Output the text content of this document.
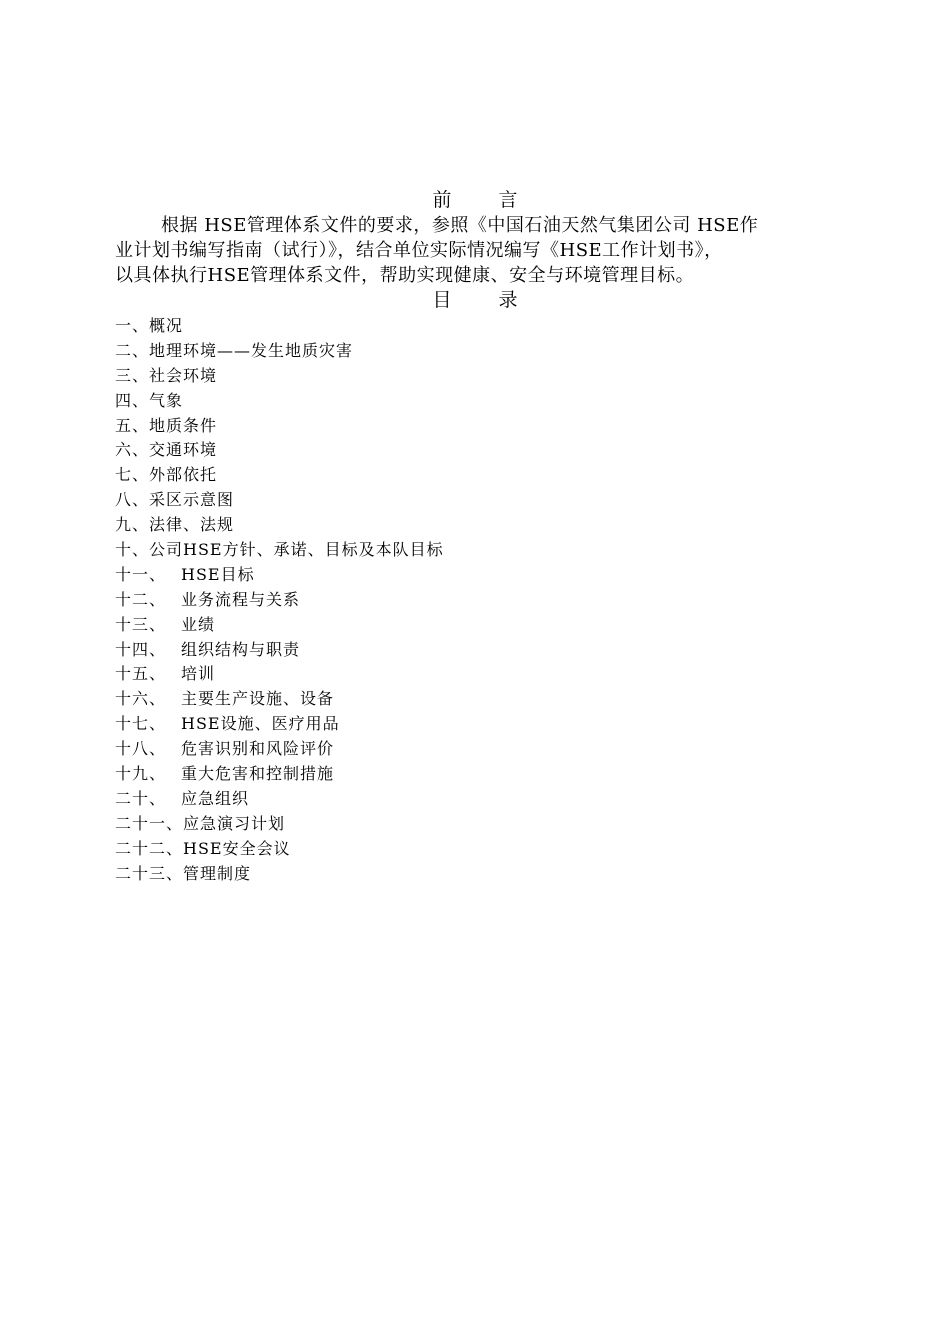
前　言
根据 HSE管理体系文件的要求，参照《中国石油天然气集团公司 HSE作
业计划书编写指南（试行）》，结合单位实际情况编写《HSE工作计划书》，
以具体执行HSE管理体系文件，帮助实现健康、安全与环境管理目标。
目　录
一、概况
二、地理环境——发生地质灾害
三、社会环境
四、气象
五、地质条件
六、交通环境
七、外部依托
八、采区示意图
九、法律、法规
十、公司HSE方针、承诺、目标及本队目标
十一、 HSE目标
十二、 业务流程与关系
十三、 业绩
十四、 组织结构与职责
十五、 培训
十六、 主要生产设施、设备
十七、 HSE设施、医疗用品
十八、 危害识别和风险评价
十九、 重大危害和控制措施
二十、 应急组织
二十一、应急演习计划
二十二、HSE安全会议
二十三、管理制度
